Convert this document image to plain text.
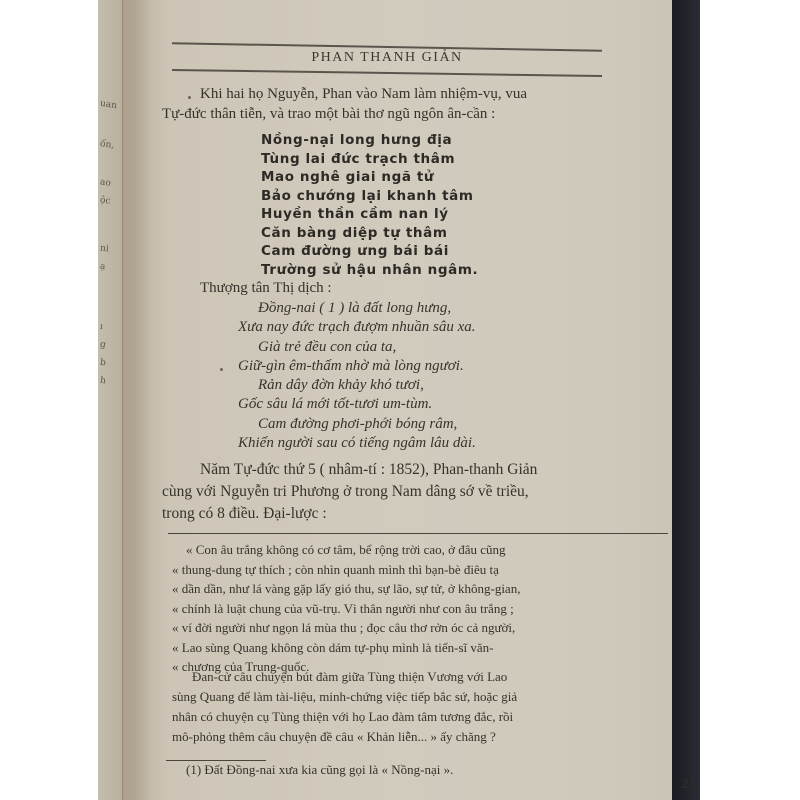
uan
ốn,
ao
ộc
ni
ạ
ı
g
b
h
PHAN THANH GIẢN
Khi hai họ Nguyễn, Phan vào Nam làm nhiệm-vụ, vua
Tự-đức thân tiễn, và trao một bài thơ ngũ ngôn ân-cần :
Nồng-nại long hưng địa
Tùng lai đức trạch thâm
Mao nghê giai ngã tử
Bảo chướng lại khanh tâm
Huyền thần cầm nan lý
Căn bàng diệp tự thâm
Cam đường ưng bái bái
Trường sử hậu nhân ngâm.
Thượng tân Thị dịch :
Đồng-nai ( 1 ) là đất long hưng,
Xưa nay đức trạch đượm nhuần sâu xa.
Già trẻ đều con của ta,
Giữ-gìn êm-thấm nhờ mà lòng ngươi.
Rản dây đờn khảy khó tươi,
Gốc sâu lá mới tốt-tươi um-tùm.
Cam đường phơi-phới bóng râm,
Khiến người sau có tiếng ngâm lâu dài.
Năm Tự-đức thứ 5 ( nhâm-tí : 1852), Phan-thanh Giản
cùng với Nguyễn tri Phương ở trong Nam dâng sớ về triều,
trong có 8 điều. Đại-lược :
« Con âu trắng không có cơ tâm, bể rộng trời cao, ở đâu cũng
« thung-dung tự thích ; còn nhìn quanh mình thì bạn-bè điêu tạ
« dần dần, như lá vàng gặp lấy gió thu, sự lão, sự tử, ở không-gian,
« chính là luật chung của vũ-trụ. Vì thân người như con âu trắng ;
« ví đời người như ngọn lá mùa thu ; đọc câu thơ rởn óc cả người,
« Lao sùng Quang không còn dám tự-phụ mình là tiến-sĩ văn-
« chương của Trung-quốc.
Đan-cử câu chuyện bút đàm giữa Tùng thiện Vương với Lao
sùng Quang để làm tài-liệu, minh-chứng việc tiếp bắc sứ, hoặc giả
nhân có chuyện cụ Tùng thiện với họ Lao đàm tâm tương đắc, rồi
mô-phỏng thêm câu chuyện đề câu « Khản liễn... » ấy chăng ?
(1) Đất Đồng-nai xưa kia cũng gọi là « Nồng-nại ».
25
